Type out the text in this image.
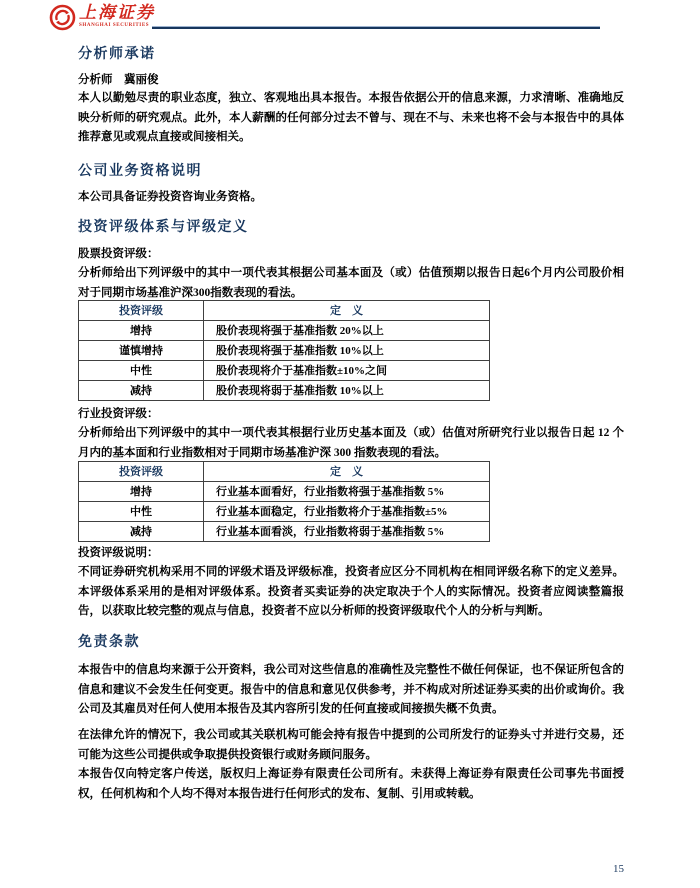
上海证券
SHANGHAI SECURITIES
分析师承诺

分析师　冀丽俊

本人以勤勉尽责的职业态度，独立、客观地出具本报告。本报告依据公开的信息来源，力求清晰、准确地反映分析师的研究观点。此外，本人薪酬的任何部分过去不曾与、现在不与、未来也将不会与本报告中的具体推荐意见或观点直接或间接相关。

公司业务资格说明

本公司具备证券投资咨询业务资格。

投资评级体系与评级定义

股票投资评级：

分析师给出下列评级中的其中一项代表其根据公司基本面及（或）估值预期以报告日起6个月内公司股价相对于同期市场基准沪深300指数表现的看法。

投资评级	定　义
增持	股价表现将强于基准指数 20%以上
谨慎增持	股价表现将强于基准指数 10%以上
中性	股价表现将介于基准指数±10%之间
减持	股价表现将弱于基准指数 10%以上

行业投资评级：

分析师给出下列评级中的其中一项代表其根据行业历史基本面及（或）估值对所研究行业以报告日起 12 个月内的基本面和行业指数相对于同期市场基准沪深 300 指数表现的看法。

投资评级	定　义
增持	行业基本面看好，行业指数将强于基准指数 5%
中性	行业基本面稳定，行业指数将介于基准指数±5%
减持	行业基本面看淡，行业指数将弱于基准指数 5%

投资评级说明：

不同证券研究机构采用不同的评级术语及评级标准，投资者应区分不同机构在相同评级名称下的定义差异。本评级体系采用的是相对评级体系。投资者买卖证券的决定取决于个人的实际情况。投资者应阅读整篇报告，以获取比较完整的观点与信息，投资者不应以分析师的投资评级取代个人的分析与判断。

免责条款

本报告中的信息均来源于公开资料，我公司对这些信息的准确性及完整性不做任何保证，也不保证所包含的信息和建议不会发生任何变更。报告中的信息和意见仅供参考，并不构成对所述证券买卖的出价或询价。我公司及其雇员对任何人使用本报告及其内容所引发的任何直接或间接损失概不负责。

在法律允许的情况下，我公司或其关联机构可能会持有报告中提到的公司所发行的证券头寸并进行交易，还可能为这些公司提供或争取提供投资银行或财务顾问服务。

本报告仅向特定客户传送，版权归上海证券有限责任公司所有。未获得上海证券有限责任公司事先书面授权，任何机构和个人均不得对本报告进行任何形式的发布、复制、引用或转载。

15
